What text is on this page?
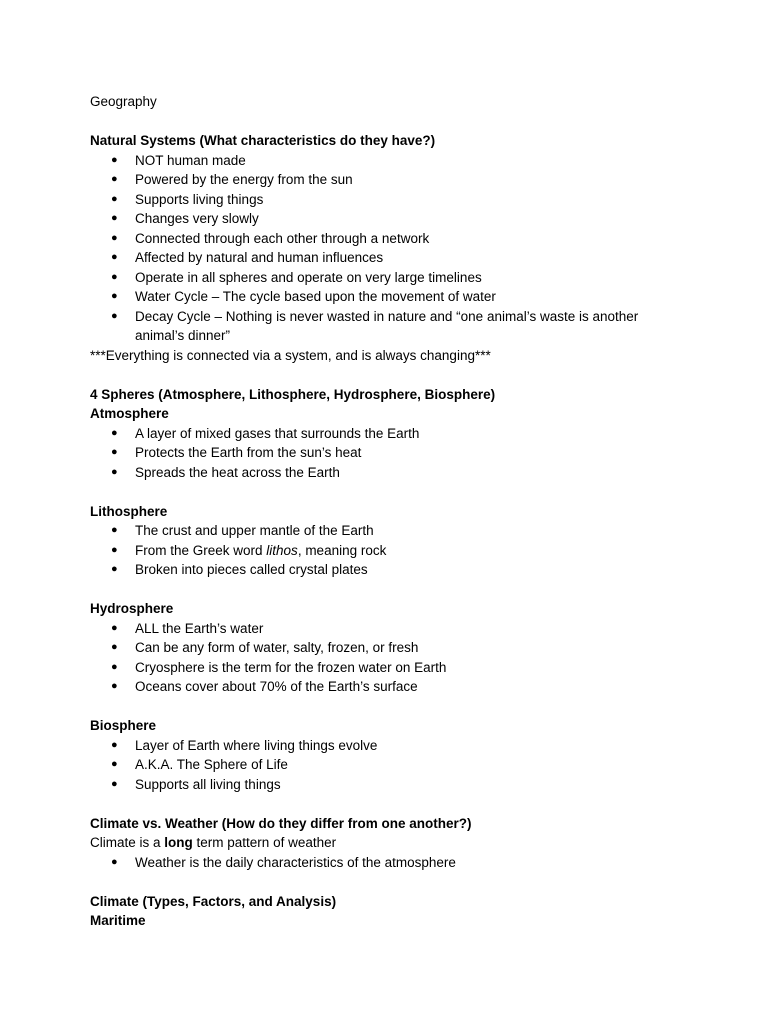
Geography
Natural Systems (What characteristics do they have?)
● NOT human made
● Powered by the energy from the sun
● Supports living things
● Changes very slowly
● Connected through each other through a network
● Affected by natural and human influences
● Operate in all spheres and operate on very large timelines
● Water Cycle – The cycle based upon the movement of water
● Decay Cycle – Nothing is never wasted in nature and “one animal’s waste is another animal’s dinner”
***Everything is connected via a system, and is always changing***
4 Spheres (Atmosphere, Lithosphere, Hydrosphere, Biosphere)
Atmosphere
● A layer of mixed gases that surrounds the Earth
● Protects the Earth from the sun’s heat
● Spreads the heat across the Earth
Lithosphere
● The crust and upper mantle of the Earth
● From the Greek word lithos, meaning rock
● Broken into pieces called crystal plates
Hydrosphere
● ALL the Earth’s water
● Can be any form of water, salty, frozen, or fresh
● Cryosphere is the term for the frozen water on Earth
● Oceans cover about 70% of the Earth’s surface
Biosphere
● Layer of Earth where living things evolve
● A.K.A. The Sphere of Life
● Supports all living things
Climate vs. Weather (How do they differ from one another?)
Climate is a long term pattern of weather
● Weather is the daily characteristics of the atmosphere
Climate (Types, Factors, and Analysis)
Maritime
